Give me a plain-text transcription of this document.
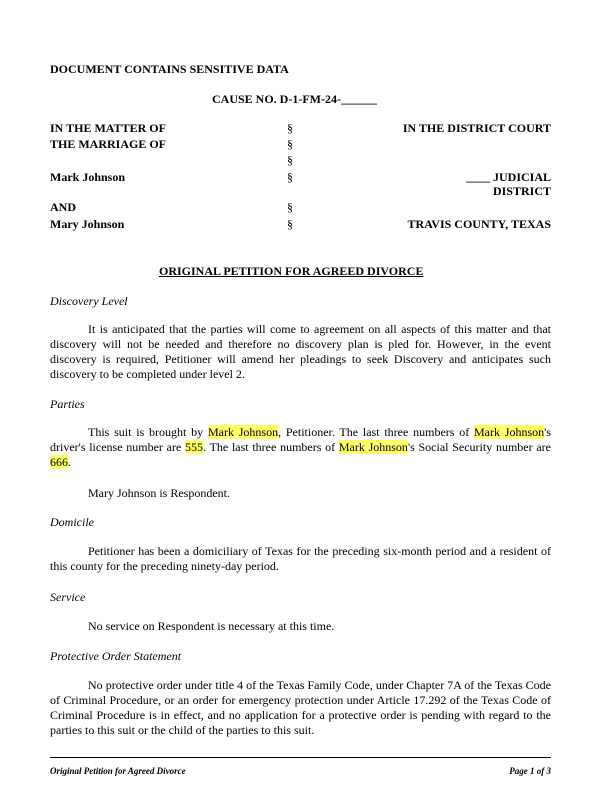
DOCUMENT CONTAINS SENSITIVE DATA
CAUSE NO. D-1-FM-24-______
IN THE MATTER OF
THE MARRIAGE OF
Mark Johnson
AND
Mary Johnson
§
§
§
§
§
§
IN THE DISTRICT COURT
____ JUDICIAL
DISTRICT
TRAVIS COUNTY, TEXAS
ORIGINAL PETITION FOR AGREED DIVORCE
Discovery Level

It is anticipated that the parties will come to agreement on all aspects of this matter and that discovery will not be needed and therefore no discovery plan is pled for. However, in the event discovery is required, Petitioner will amend her pleadings to seek Discovery and anticipates such discovery to be completed under level 2.

Parties

This suit is brought by Mark Johnson, Petitioner. The last three numbers of Mark Johnson's driver's license number are 555. The last three numbers of Mark Johnson's Social Security number are 666.

Mary Johnson is Respondent.

Domicile

Petitioner has been a domiciliary of Texas for the preceding six-month period and a resident of this county for the preceding ninety-day period.

Service

No service on Respondent is necessary at this time.

Protective Order Statement

No protective order under title 4 of the Texas Family Code, under Chapter 7A of the Texas Code of Criminal Procedure, or an order for emergency protection under Article 17.292 of the Texas Code of Criminal Procedure is in effect, and no application for a protective order is pending with regard to the parties to this suit or the child of the parties to this suit.

Original Petition for Agreed Divorce	Page 1 of 3
